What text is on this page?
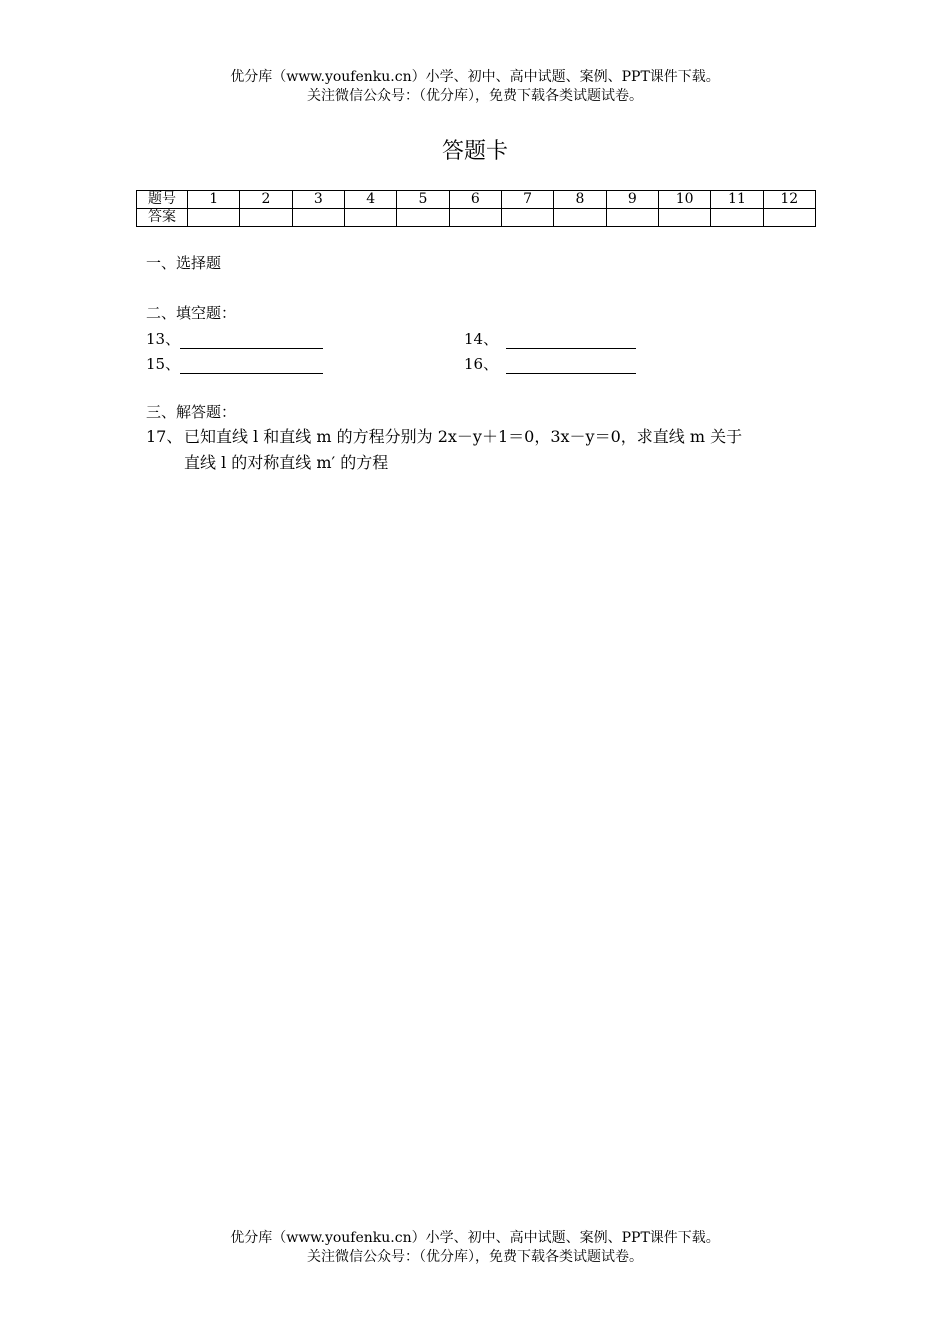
优分库（www.youfenku.cn）小学、初中、高中试题、案例、PPT课件下载。
关注微信公众号：（优分库），免费下载各类试题试卷。
答题卡
题号	1	2	3	4	5	6	7	8	9	10	11	12
答案												
一、选择题
二、填空题：
13、	14、
15、	16、
三、解答题：
17、 已知直线 l 和直线 m 的方程分别为 2x－y＋1＝0，3x－y＝0，求直线 m 关于
直线 l 的对称直线 m′ 的方程
优分库（www.youfenku.cn）小学、初中、高中试题、案例、PPT课件下载。
关注微信公众号：（优分库），免费下载各类试题试卷。
